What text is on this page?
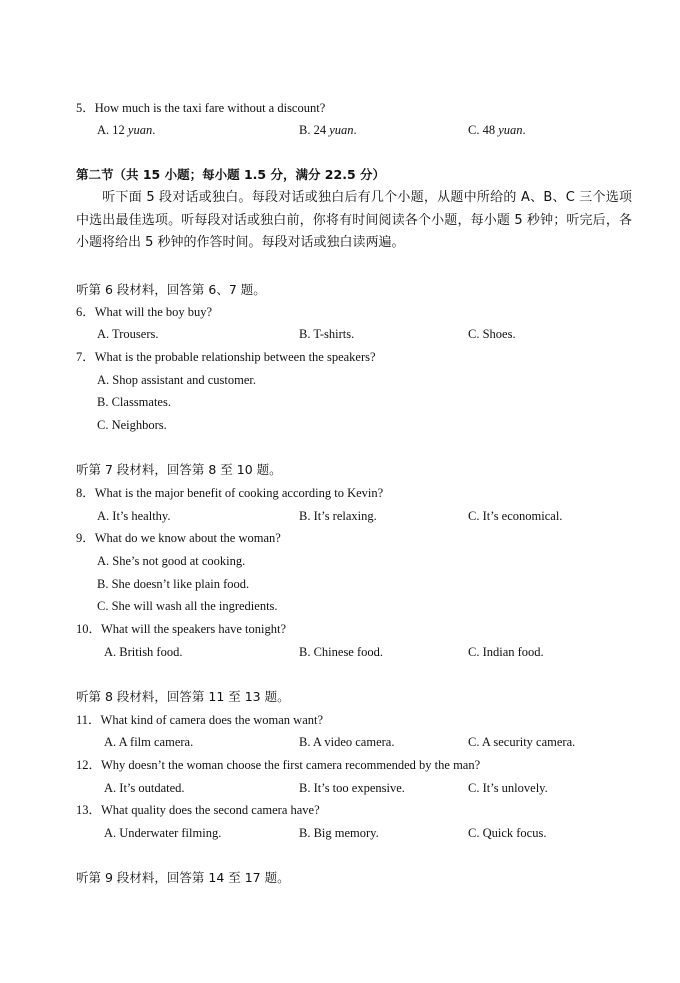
5．How much is the taxi fare without a discount?
A. 12 yuan.	B. 24 yuan.	C. 48 yuan.
第二节（共 15 小题；每小题 1.5 分，满分 22.5 分）
听下面 5 段对话或独白。每段对话或独白后有几个小题，从题中所给的 A、B、C 三个选项中选出最佳选项。听每段对话或独白前，你将有时间阅读各个小题，每小题 5 秒钟；听完后，各小题将给出 5 秒钟的作答时间。每段对话或独白读两遍。
听第 6 段材料，回答第 6、7 题。
6．What will the boy buy?
A. Trousers.	B. T-shirts.	C. Shoes.
7．What is the probable relationship between the speakers?
A. Shop assistant and customer.
B. Classmates.
C. Neighbors.
听第 7 段材料，回答第 8 至 10 题。
8．What is the major benefit of cooking according to Kevin?
A. It’s healthy.	B. It’s relaxing.	C. It’s economical.
9．What do we know about the woman?
A. She’s not good at cooking.
B. She doesn’t like plain food.
C. She will wash all the ingredients.
10．What will the speakers have tonight?
A. British food.	B. Chinese food.	C. Indian food.
听第 8 段材料，回答第 11 至 13 题。
11．What kind of camera does the woman want?
A. A film camera.	B. A video camera.	C. A security camera.
12．Why doesn’t the woman choose the first camera recommended by the man?
A. It’s outdated.	B. It’s too expensive.	C. It’s unlovely.
13．What quality does the second camera have?
A. Underwater filming.	B. Big memory.	C. Quick focus.
听第 9 段材料，回答第 14 至 17 题。
